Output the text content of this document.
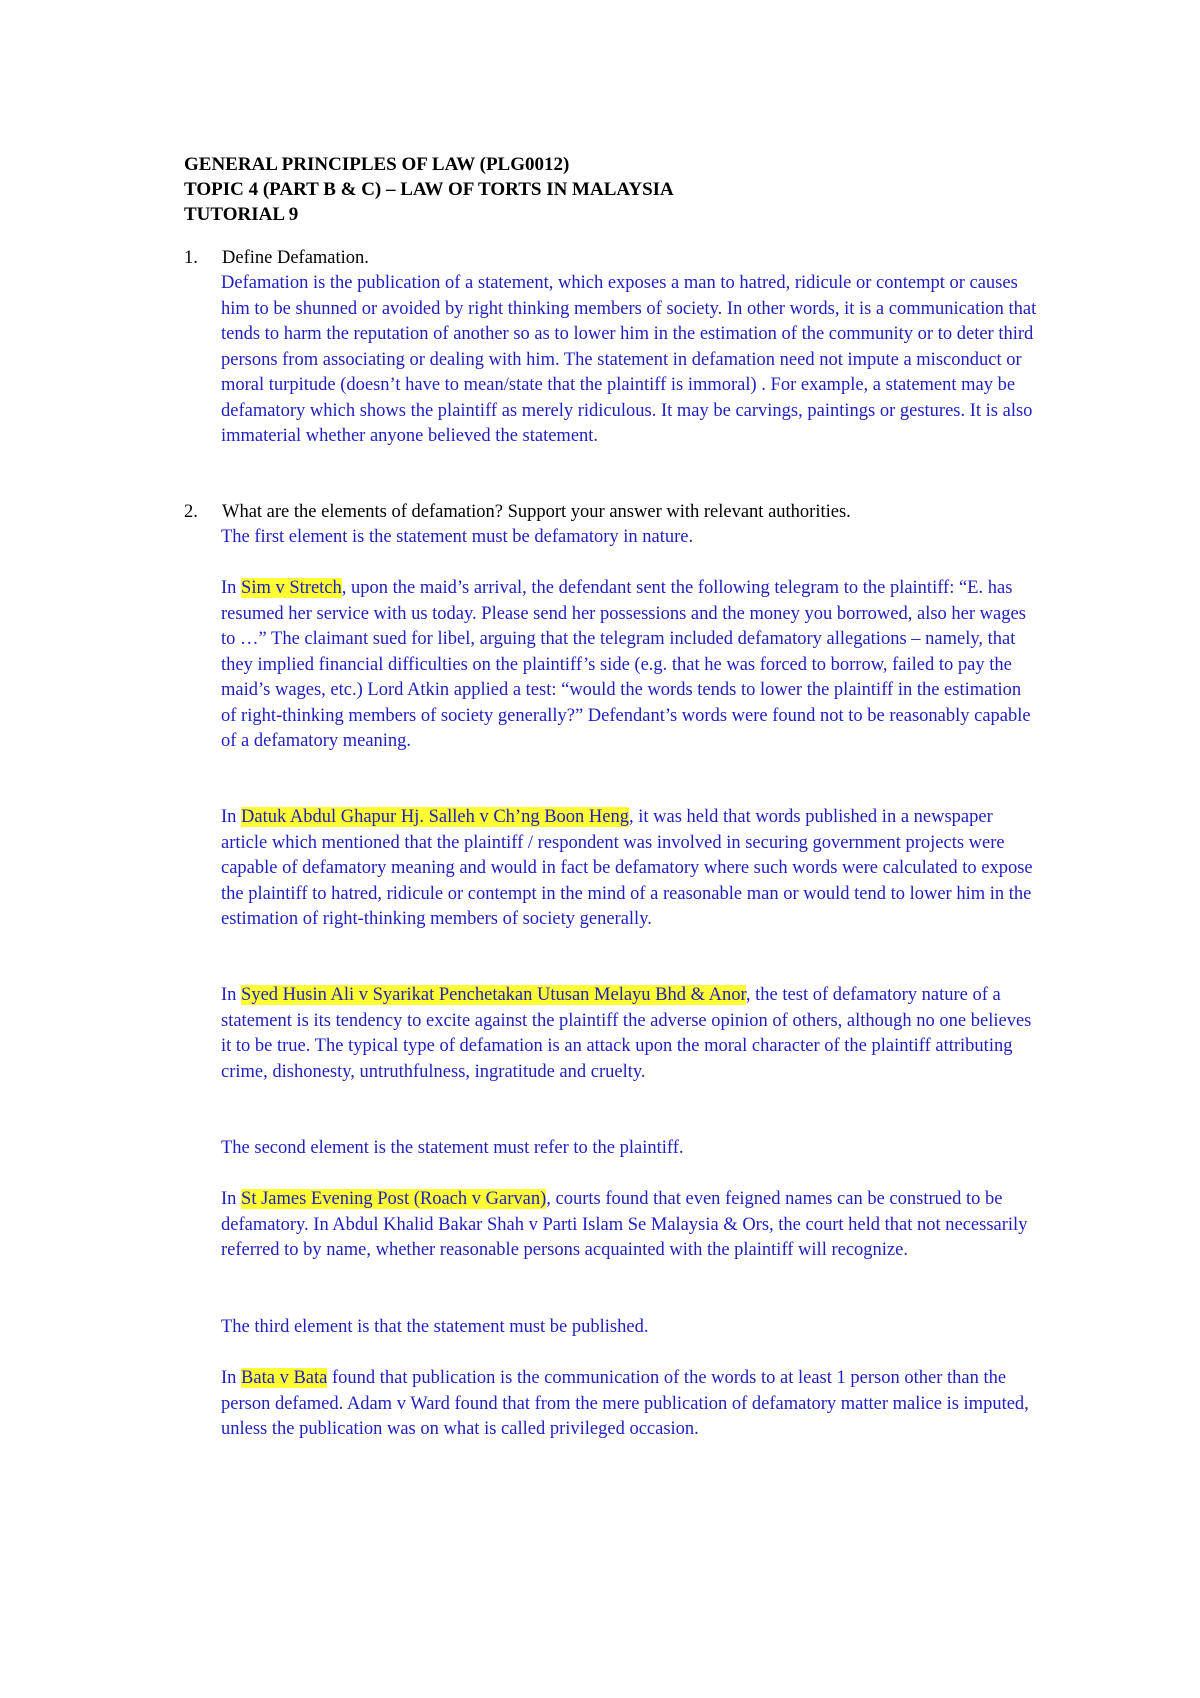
GENERAL PRINCIPLES OF LAW (PLG0012)
TOPIC 4 (PART B & C) – LAW OF TORTS IN MALAYSIA
TUTORIAL 9
1. Define Defamation.

Defamation is the publication of a statement, which exposes a man to hatred, ridicule or contempt or causes him to be shunned or avoided by right thinking members of society. In other words, it is a communication that tends to harm the reputation of another so as to lower him in the estimation of the community or to deter third persons from associating or dealing with him. The statement in defamation need not impute a misconduct or moral turpitude (doesn’t have to mean/state that the plaintiff is immoral) . For example, a statement may be defamatory which shows the plaintiff as merely ridiculous. It may be carvings, paintings or gestures. It is also immaterial whether anyone believed the statement.

2. What are the elements of defamation? Support your answer with relevant authorities.

The first element is the statement must be defamatory in nature.

In Sim v Stretch, upon the maid’s arrival, the defendant sent the following telegram to the plaintiff: “E. has resumed her service with us today. Please send her possessions and the money you borrowed, also her wages to …” The claimant sued for libel, arguing that the telegram included defamatory allegations – namely, that they implied financial difficulties on the plaintiff’s side (e.g. that he was forced to borrow, failed to pay the maid’s wages, etc.) Lord Atkin applied a test: “would the words tends to lower the plaintiff in the estimation of right-thinking members of society generally?” Defendant’s words were found not to be reasonably capable of a defamatory meaning.

In Datuk Abdul Ghapur Hj. Salleh v Ch’ng Boon Heng, it was held that words published in a newspaper article which mentioned that the plaintiff / respondent was involved in securing government projects were capable of defamatory meaning and would in fact be defamatory where such words were calculated to expose the plaintiff to hatred, ridicule or contempt in the mind of a reasonable man or would tend to lower him in the estimation of right-thinking members of society generally.

In Syed Husin Ali v Syarikat Penchetakan Utusan Melayu Bhd & Anor, the test of defamatory nature of a statement is its tendency to excite against the plaintiff the adverse opinion of others, although no one believes it to be true. The typical type of defamation is an attack upon the moral character of the plaintiff attributing crime, dishonesty, untruthfulness, ingratitude and cruelty.

The second element is the statement must refer to the plaintiff.

In St James Evening Post (Roach v Garvan), courts found that even feigned names can be construed to be defamatory. In Abdul Khalid Bakar Shah v Parti Islam Se Malaysia & Ors, the court held that not necessarily referred to by name, whether reasonable persons acquainted with the plaintiff will recognize.

The third element is that the statement must be published.

In Bata v Bata found that publication is the communication of the words to at least 1 person other than the person defamed. Adam v Ward found that from the mere publication of defamatory matter malice is imputed, unless the publication was on what is called privileged occasion.
